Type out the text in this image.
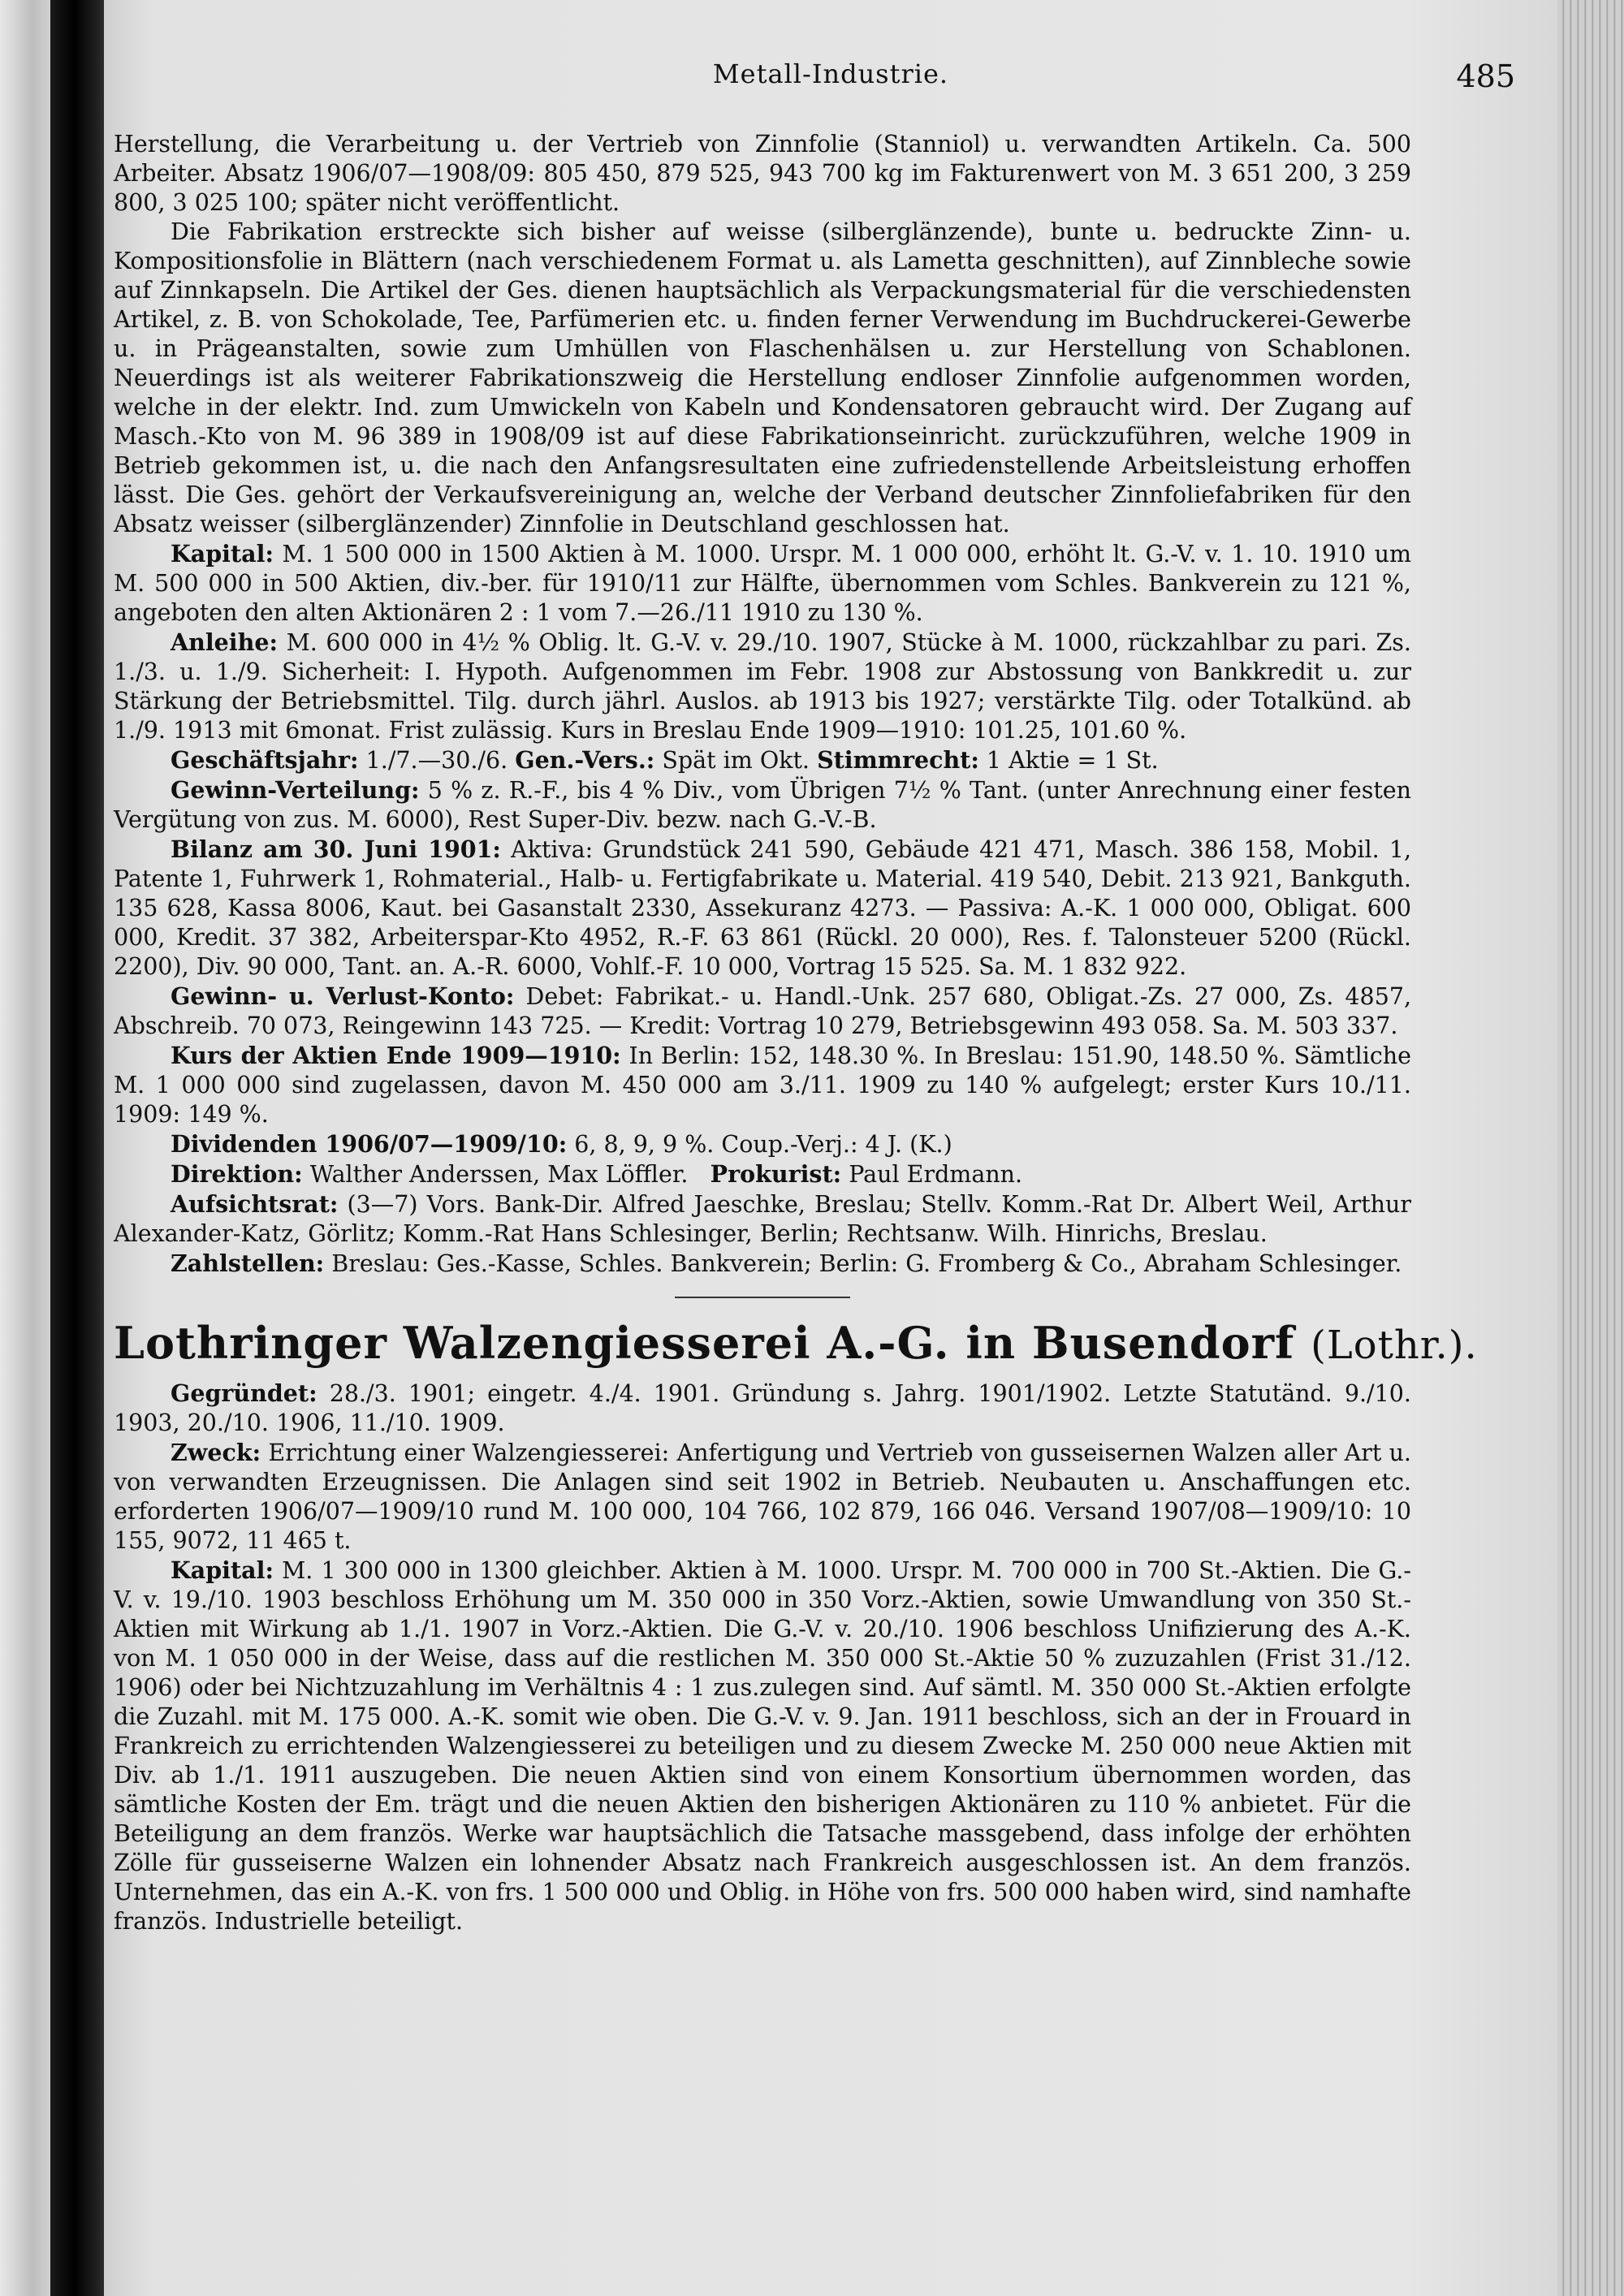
Metall-Industrie.	485

Herstellung, die Verarbeitung u. der Vertrieb von Zinnfolie (Stanniol) u. verwandten Artikeln. Ca. 500 Arbeiter. Absatz 1906/07—1908/09: 805 450, 879 525, 943 700 kg im Fakturenwert von M. 3 651 200, 3 259 800, 3 025 100; später nicht veröffentlicht.

Die Fabrikation erstreckte sich bisher auf weisse (silberglänzende), bunte u. bedruckte Zinn- u. Kompositionsfolie in Blättern (nach verschiedenem Format u. als Lametta geschnitten), auf Zinnbleche sowie auf Zinnkapseln. Die Artikel der Ges. dienen hauptsächlich als Verpackungsmaterial für die verschiedensten Artikel, z. B. von Schokolade, Tee, Parfümerien etc. u. finden ferner Verwendung im Buchdruckerei-Gewerbe u. in Prägeanstalten, sowie zum Umhüllen von Flaschenhälsen u. zur Herstellung von Schablonen. Neuerdings ist als weiterer Fabrikationszweig die Herstellung endloser Zinnfolie aufgenommen worden, welche in der elektr. Ind. zum Umwickeln von Kabeln und Kondensatoren gebraucht wird. Der Zugang auf Masch.-Kto von M. 96 389 in 1908/09 ist auf diese Fabrikationseinricht. zurückzuführen, welche 1909 in Betrieb gekommen ist, u. die nach den Anfangsresultaten eine zufriedenstellende Arbeitsleistung erhoffen lässt. Die Ges. gehört der Verkaufsvereinigung an, welche der Verband deutscher Zinnfoliefabriken für den Absatz weisser (silberglänzender) Zinnfolie in Deutschland geschlossen hat.

Kapital: M. 1 500 000 in 1500 Aktien à M. 1000. Urspr. M. 1 000 000, erhöht lt. G.-V. v. 1. 10. 1910 um M. 500 000 in 500 Aktien, div.-ber. für 1910/11 zur Hälfte, übernommen vom Schles. Bankverein zu 121 %, angeboten den alten Aktionären 2 : 1 vom 7.—26./11 1910 zu 130 %.

Anleihe: M. 600 000 in 4½ % Oblig. lt. G.-V. v. 29./10. 1907, Stücke à M. 1000, rückzahlbar zu pari. Zs. 1./3. u. 1./9. Sicherheit: I. Hypoth. Aufgenommen im Febr. 1908 zur Abstossung von Bankkredit u. zur Stärkung der Betriebsmittel. Tilg. durch jährl. Auslos. ab 1913 bis 1927; verstärkte Tilg. oder Totalkünd. ab 1./9. 1913 mit 6monat. Frist zulässig. Kurs in Breslau Ende 1909—1910: 101.25, 101.60 %.

Geschäftsjahr: 1./7.—30./6. Gen.-Vers.: Spät im Okt. Stimmrecht: 1 Aktie = 1 St.

Gewinn-Verteilung: 5 % z. R.-F., bis 4 % Div., vom Übrigen 7½ % Tant. (unter Anrechnung einer festen Vergütung von zus. M. 6000), Rest Super-Div. bezw. nach G.-V.-B.

Bilanz am 30. Juni 1901: Aktiva: Grundstück 241 590, Gebäude 421 471, Masch. 386 158, Mobil. 1, Patente 1, Fuhrwerk 1, Rohmaterial., Halb- u. Fertigfabrikate u. Material. 419 540, Debit. 213 921, Bankguth. 135 628, Kassa 8006, Kaut. bei Gasanstalt 2330, Assekuranz 4273. — Passiva: A.-K. 1 000 000, Obligat. 600 000, Kredit. 37 382, Arbeiterspar-Kto 4952, R.-F. 63 861 (Rückl. 20 000), Res. f. Talonsteuer 5200 (Rückl. 2200), Div. 90 000, Tant. an. A.-R. 6000, Vohlf.-F. 10 000, Vortrag 15 525. Sa. M. 1 832 922.

Gewinn- u. Verlust-Konto: Debet: Fabrikat.- u. Handl.-Unk. 257 680, Obligat.-Zs. 27 000, Zs. 4857, Abschreib. 70 073, Reingewinn 143 725. — Kredit: Vortrag 10 279, Betriebsgewinn 493 058. Sa. M. 503 337.

Kurs der Aktien Ende 1909—1910: In Berlin: 152, 148.30 %. In Breslau: 151.90, 148.50 %. Sämtliche M. 1 000 000 sind zugelassen, davon M. 450 000 am 3./11. 1909 zu 140 % aufgelegt; erster Kurs 10./11. 1909: 149 %.

Dividenden 1906/07—1909/10: 6, 8, 9, 9 %. Coup.-Verj.: 4 J. (K.)

Direktion: Walther Anderssen, Max Löffler. Prokurist: Paul Erdmann.

Aufsichtsrat: (3—7) Vors. Bank-Dir. Alfred Jaeschke, Breslau; Stellv. Komm.-Rat Dr. Albert Weil, Arthur Alexander-Katz, Görlitz; Komm.-Rat Hans Schlesinger, Berlin; Rechtsanw. Wilh. Hinrichs, Breslau.

Zahlstellen: Breslau: Ges.-Kasse, Schles. Bankverein; Berlin: G. Fromberg & Co., Abraham Schlesinger.

Lothringer Walzengiesserei A.-G. in Busendorf (Lothr.).

Gegründet: 28./3. 1901; eingetr. 4./4. 1901. Gründung s. Jahrg. 1901/1902. Letzte Statutänd. 9./10. 1903, 20./10. 1906, 11./10. 1909.

Zweck: Errichtung einer Walzengiesserei: Anfertigung und Vertrieb von gusseisernen Walzen aller Art u. von verwandten Erzeugnissen. Die Anlagen sind seit 1902 in Betrieb. Neubauten u. Anschaffungen etc. erforderten 1906/07—1909/10 rund M. 100 000, 104 766, 102 879, 166 046. Versand 1907/08—1909/10: 10 155, 9072, 11 465 t.

Kapital: M. 1 300 000 in 1300 gleichber. Aktien à M. 1000. Urspr. M. 700 000 in 700 St.-Aktien. Die G.-V. v. 19./10. 1903 beschloss Erhöhung um M. 350 000 in 350 Vorz.-Aktien, sowie Umwandlung von 350 St.-Aktien mit Wirkung ab 1./1. 1907 in Vorz.-Aktien. Die G.-V. v. 20./10. 1906 beschloss Unifizierung des A.-K. von M. 1 050 000 in der Weise, dass auf die restlichen M. 350 000 St.-Aktie 50 % zuzuzahlen (Frist 31./12. 1906) oder bei Nichtzuzahlung im Verhältnis 4 : 1 zus.zulegen sind. Auf sämtl. M. 350 000 St.-Aktien erfolgte die Zuzahl. mit M. 175 000. A.-K. somit wie oben. Die G.-V. v. 9. Jan. 1911 beschloss, sich an der in Frouard in Frankreich zu errichtenden Walzengiesserei zu beteiligen und zu diesem Zwecke M. 250 000 neue Aktien mit Div. ab 1./1. 1911 auszugeben. Die neuen Aktien sind von einem Konsortium übernommen worden, das sämtliche Kosten der Em. trägt und die neuen Aktien den bisherigen Aktionären zu 110 % anbietet. Für die Beteiligung an dem französ. Werke war hauptsächlich die Tatsache massgebend, dass infolge der erhöhten Zölle für gusseiserne Walzen ein lohnender Absatz nach Frankreich ausgeschlossen ist. An dem französ. Unternehmen, das ein A.-K. von frs. 1 500 000 und Oblig. in Höhe von frs. 500 000 haben wird, sind namhafte französ. Industrielle beteiligt.
